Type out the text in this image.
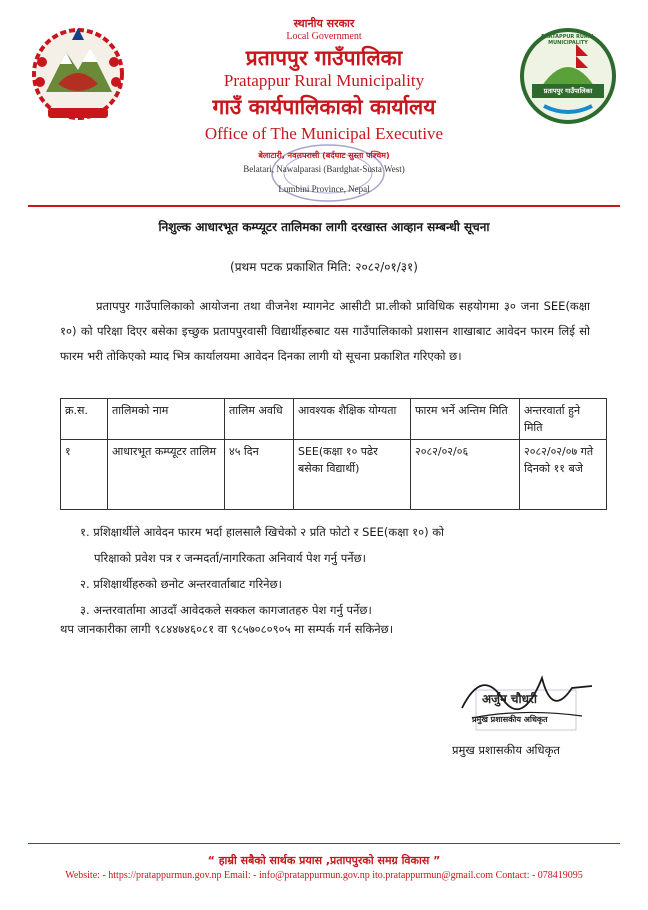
PRATAPPUR RURAL MUNICIPALITY
प्रतापपुर गाउँपालिका
स्थानीय सरकार
Local Government
प्रतापपुर गाउँपालिका
Pratappur Rural Municipality
गाउँ कार्यपालिकाको कार्यालय
Office of The Municipal Executive
बेलाटारी, नवलपरासी (बर्दघाट सुस्ता पश्चिम)
Belatari, Nawalparasi (Bardghat-Susta West)
Lumbini Province, Nepal
निशुल्क आधारभूत कम्प्यूटर तालिमका लागी दरखास्त आव्हान सम्बन्धी सूचना
(प्रथम पटक प्रकाशित मिति: २०८२/०१/३१)
प्रतापपुर गाउँपालिकाको आयोजना तथा वीजनेश म्यागनेट आसीटी प्रा.लीको प्राविधिक सहयोगमा ३० जना SEE(कक्षा १०) को परिक्षा दिएर बसेका इच्छुक प्रतापपुरवासी विद्यार्थीहरुबाट यस गाउँपालिकाको प्रशासन शाखाबाट आवेदन फारम लिई सो फारम भरी तोकिएको म्याद भित्र कार्यालयमा आवेदन दिनका लागी यो सूचना प्रकाशित गरिएको छ।
क्र.स.	तालिमको नाम	तालिम अवधि	आवश्यक शैक्षिक योग्यता	फारम भर्ने अन्तिम मिति	अन्तरवार्ता हुने मिति
१	आधारभूत कम्प्यूटर तालिम	४५ दिन	SEE(कक्षा १० पढेर बसेका विद्यार्थी)	२०८२/०२/०६	२०८२/०२/०७ गते दिनको ११ बजे
१. प्रशिक्षार्थीले आवेदन फारम भर्दा हालसालै खिचेको २ प्रति फोटो र SEE(कक्षा १०) को
परिक्षाको प्रवेश पत्र र जन्मदर्ता/नागरिकता अनिवार्य पेश गर्नु पर्नेछ।
२. प्रशिक्षार्थीहरुको छनोट अन्तरवार्ताबाट गरिनेछ।
३. अन्तरवार्तामा आउदाँ आवेदकले सक्कल कागजातहरु पेश गर्नु पर्नेछ।
थप जानकारीका लागी ९८४४७४६०८१ वा ९८५७०८०९०५ मा सम्पर्क गर्न सकिनेछ।
अर्जुन चौधरी
प्रमुख प्रशासकीय अधिकृत
प्रमुख प्रशासकीय अधिकृत
“ हाम्री सबैको सार्थक प्रयास ,प्रतापपुरको समग्र विकास ”
Website: - https://pratappurmun.gov.np Email: - info@pratappurmun.gov.np ito.pratappurmun@gmail.com Contact: - 078419095
